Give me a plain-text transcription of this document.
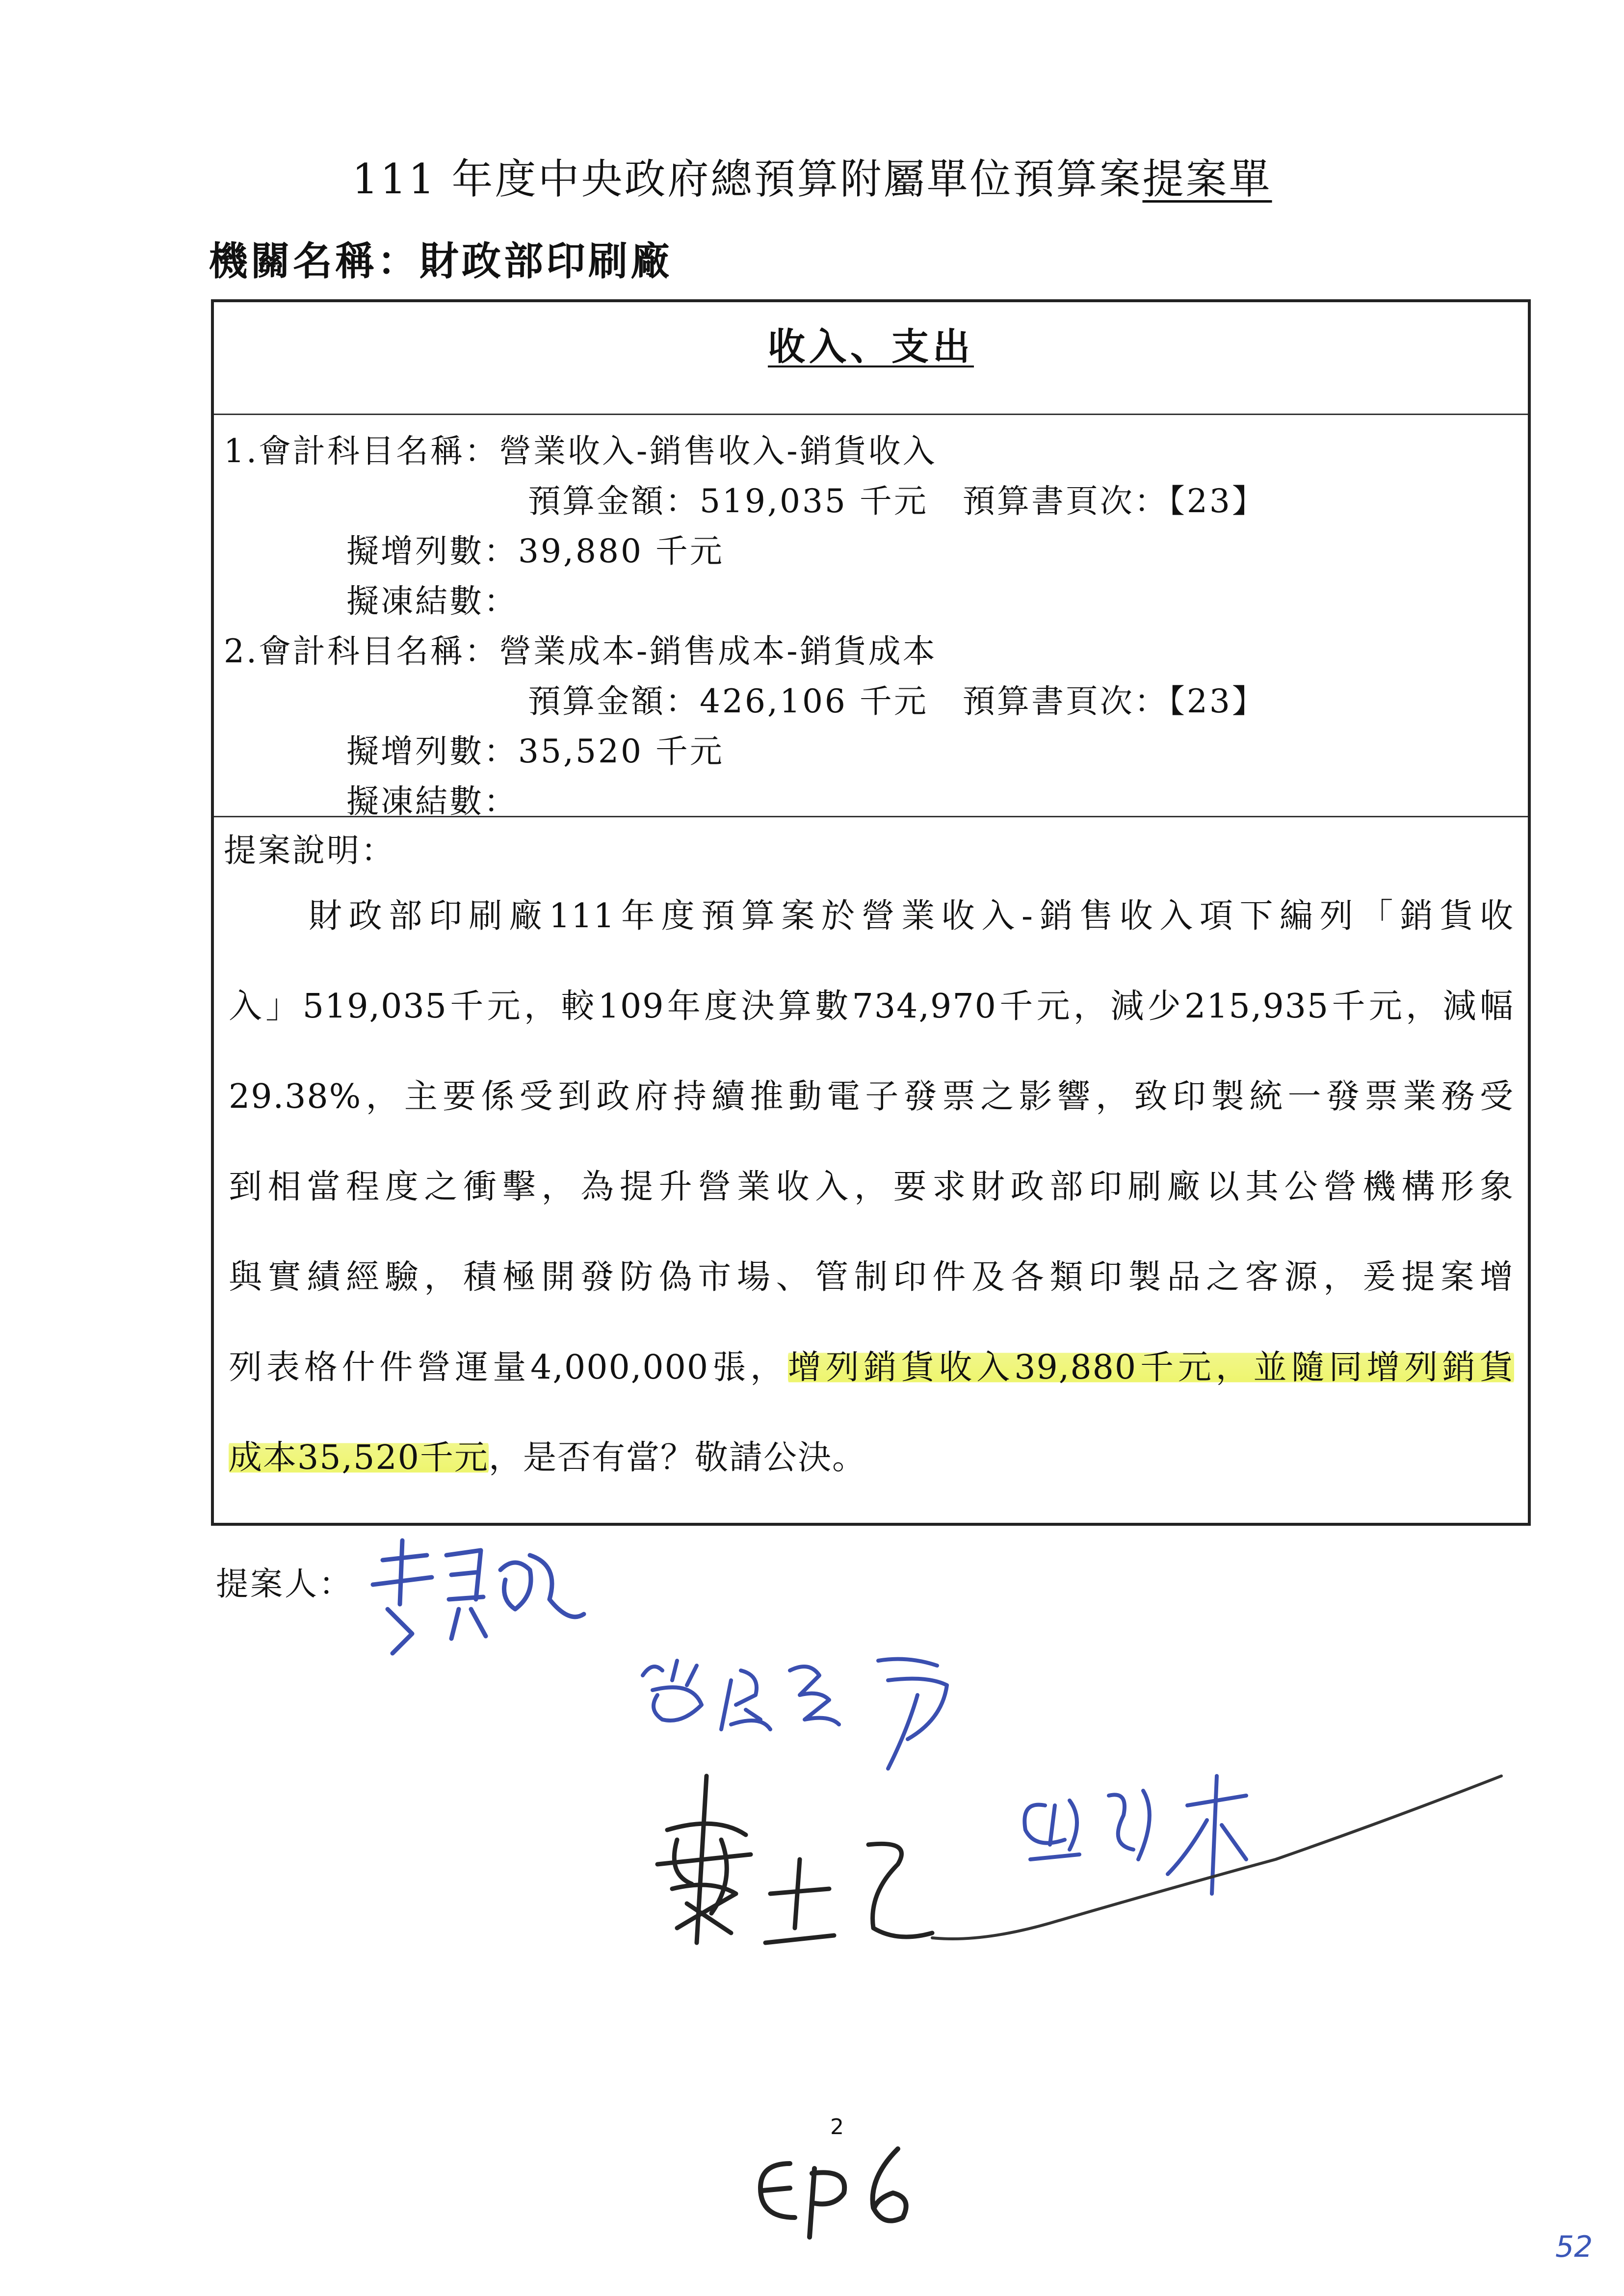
111 年度中央政府總預算附屬單位預算案提案單
機關名稱：財政部印刷廠
收入、支出
1.會計科目名稱：營業收入-銷售收入-銷貨收入
預算金額：519,035 千元　預算書頁次：【23】
擬增列數：39,880 千元
擬凍結數：
2.會計科目名稱：營業成本-銷售成本-銷貨成本
預算金額：426,106 千元　預算書頁次：【23】
擬增列數：35,520 千元
擬凍結數：
提案說明：
　　財政部印刷廠111年度預算案於營業收入-銷售收入項下編列「銷貨收
入」519,035千元，較109年度決算數734,970千元，減少215,935千元，減幅
29.38%，主要係受到政府持續推動電子發票之影響，致印製統一發票業務受
到相當程度之衝擊，為提升營業收入，要求財政部印刷廠以其公營機構形象
與實績經驗，積極開發防偽市場、管制印件及各類印製品之客源，爰提案增
列表格什件營運量4,000,000張，增列銷貨收入39,880千元，並隨同增列銷貨
成本35,520千元，是否有當？敬請公決。
提案人：
2
52
